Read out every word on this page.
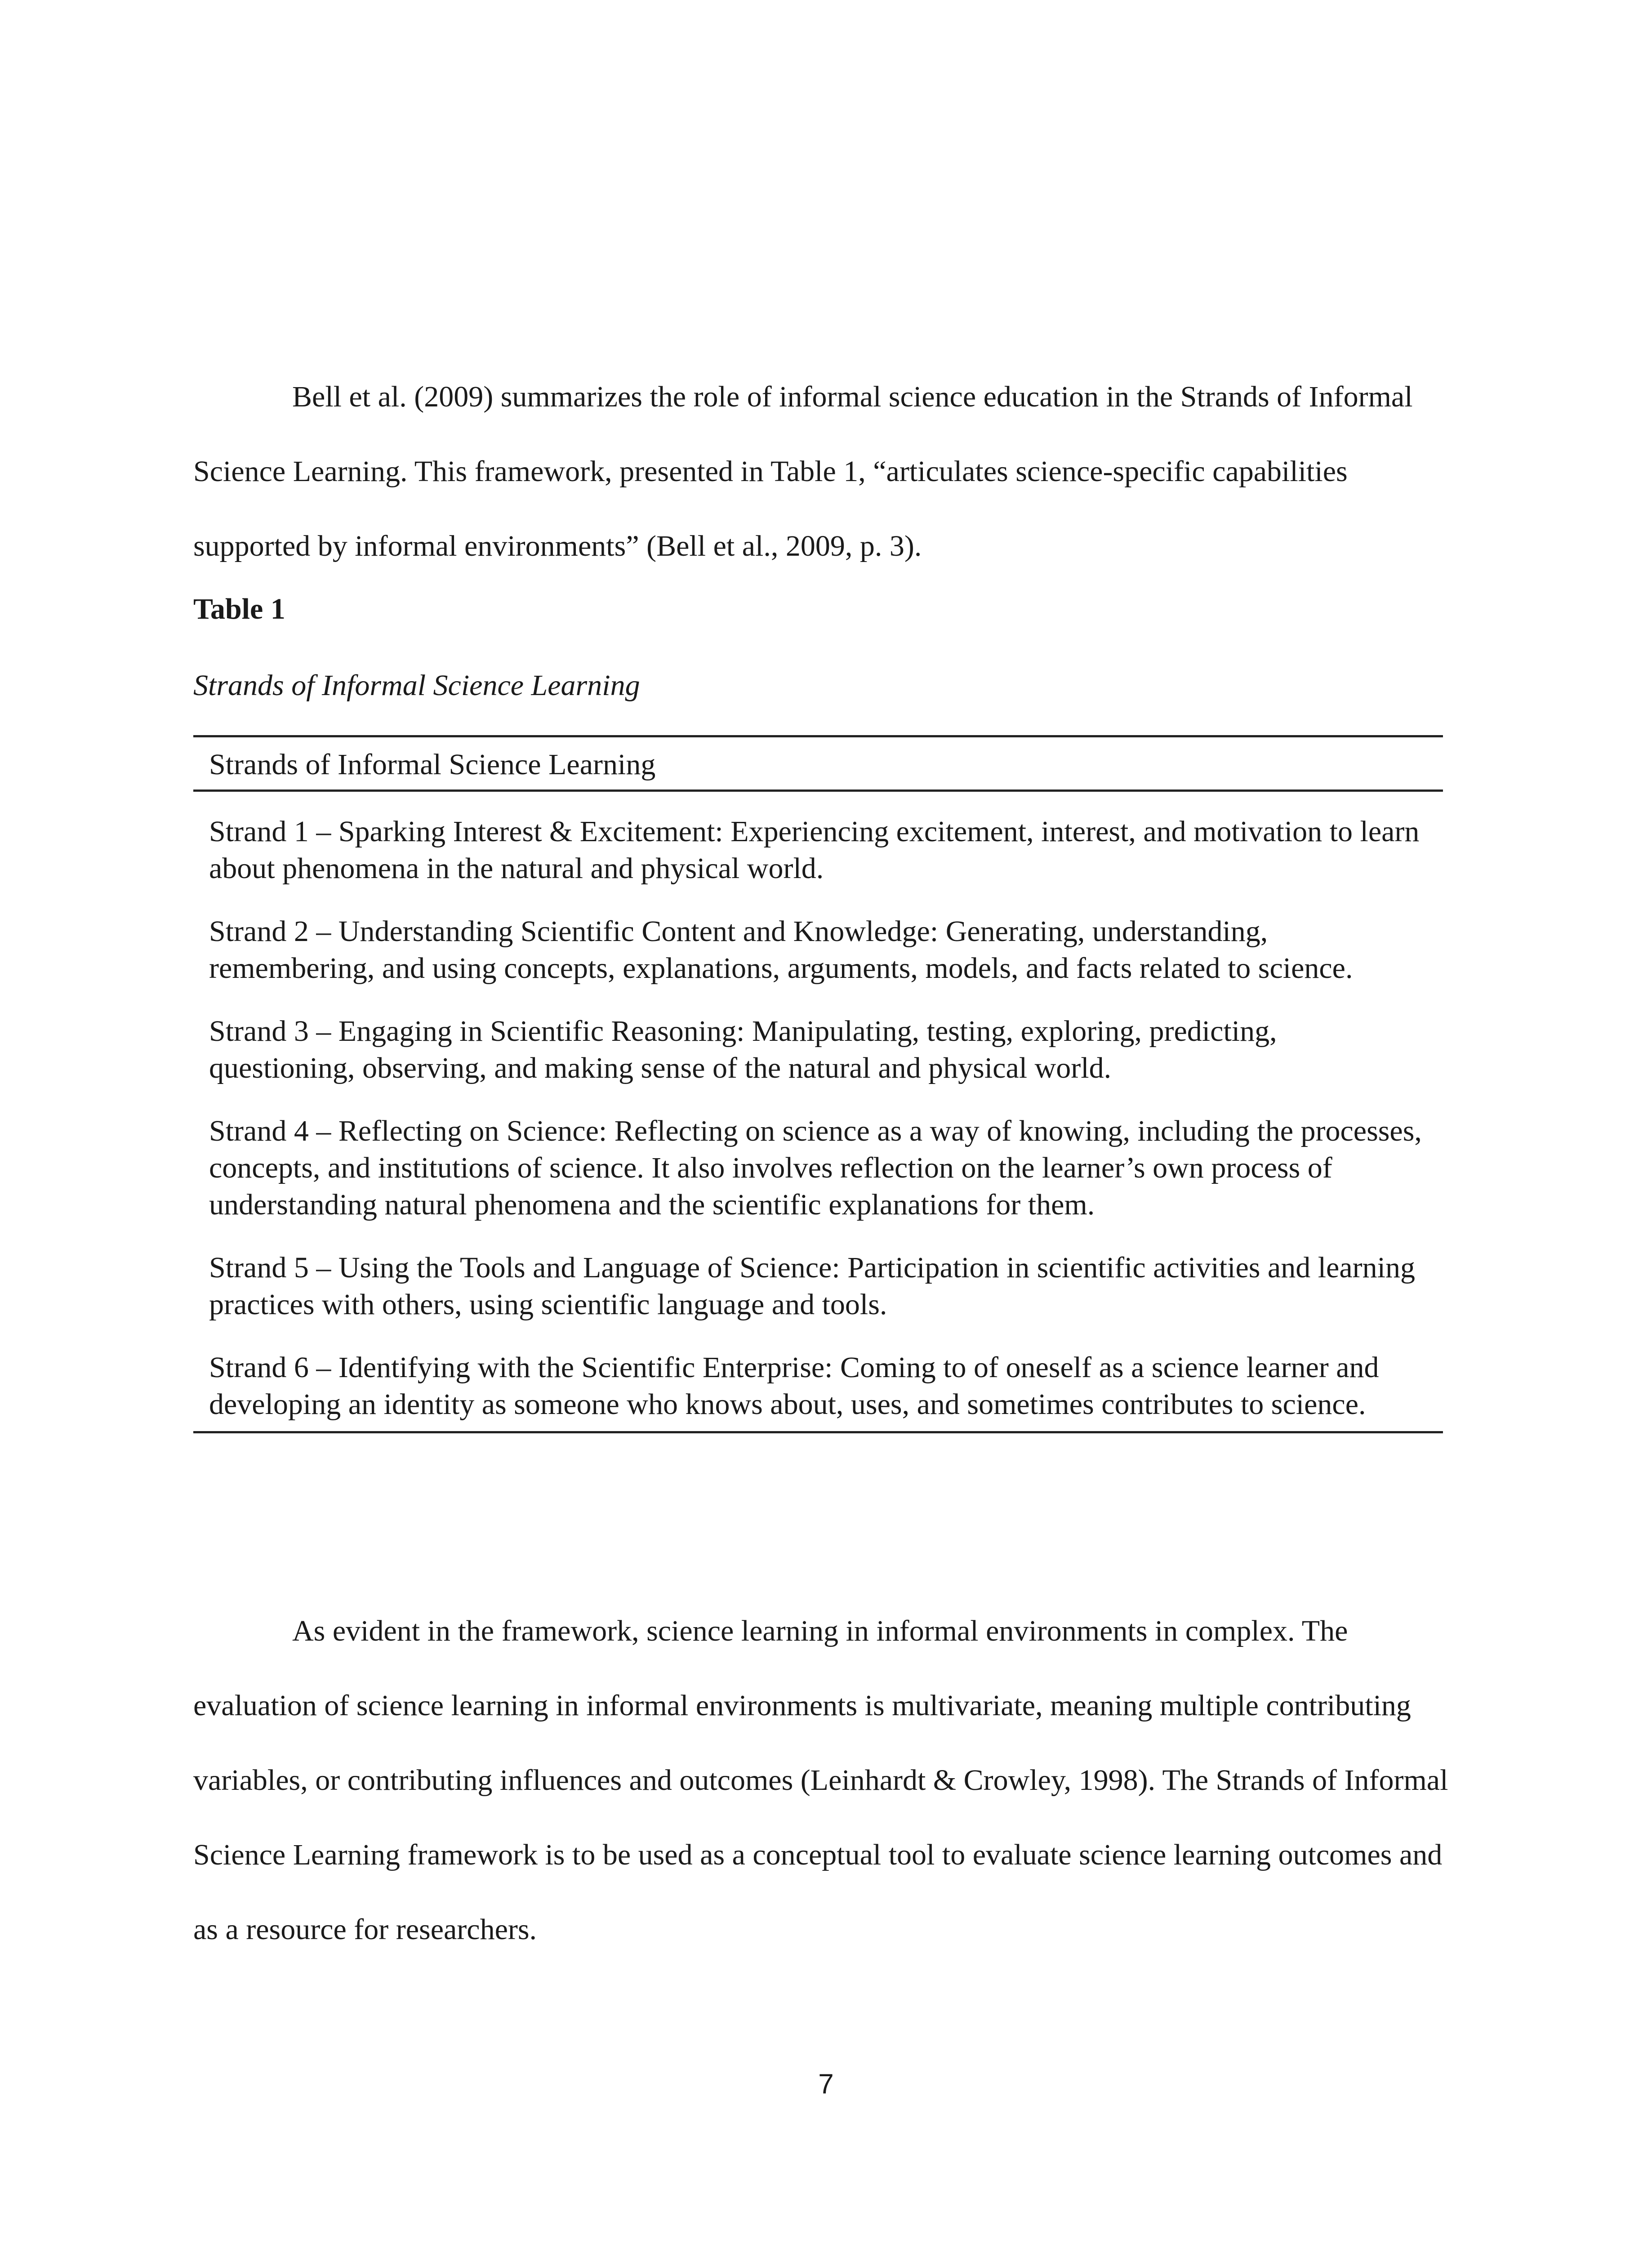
Bell et al. (2009) summarizes the role of informal science education in the Strands of Informal Science Learning. This framework, presented in Table 1, “articulates science-specific capabilities supported by informal environments” (Bell et al., 2009, p. 3).

Table 1

Strands of Informal Science Learning

Strands of Informal Science Learning
Strand 1 – Sparking Interest & Excitement: Experiencing excitement, interest, and motivation to learn about phenomena in the natural and physical world.
Strand 2 – Understanding Scientific Content and Knowledge: Generating, understanding, remembering, and using concepts, explanations, arguments, models, and facts related to science.
Strand 3 – Engaging in Scientific Reasoning: Manipulating, testing, exploring, predicting, questioning, observing, and making sense of the natural and physical world.
Strand 4 – Reflecting on Science: Reflecting on science as a way of knowing, including the processes, concepts, and institutions of science. It also involves reflection on the learner’s own process of understanding natural phenomena and the scientific explanations for them.
Strand 5 – Using the Tools and Language of Science: Participation in scientific activities and learning practices with others, using scientific language and tools.
Strand 6 – Identifying with the Scientific Enterprise: Coming to of oneself as a science learner and developing an identity as someone who knows about, uses, and sometimes contributes to science.

As evident in the framework, science learning in informal environments in complex. The evaluation of science learning in informal environments is multivariate, meaning multiple contributing variables, or contributing influences and outcomes (Leinhardt & Crowley, 1998). The Strands of Informal Science Learning framework is to be used as a conceptual tool to evaluate science learning outcomes and as a resource for researchers.

7
